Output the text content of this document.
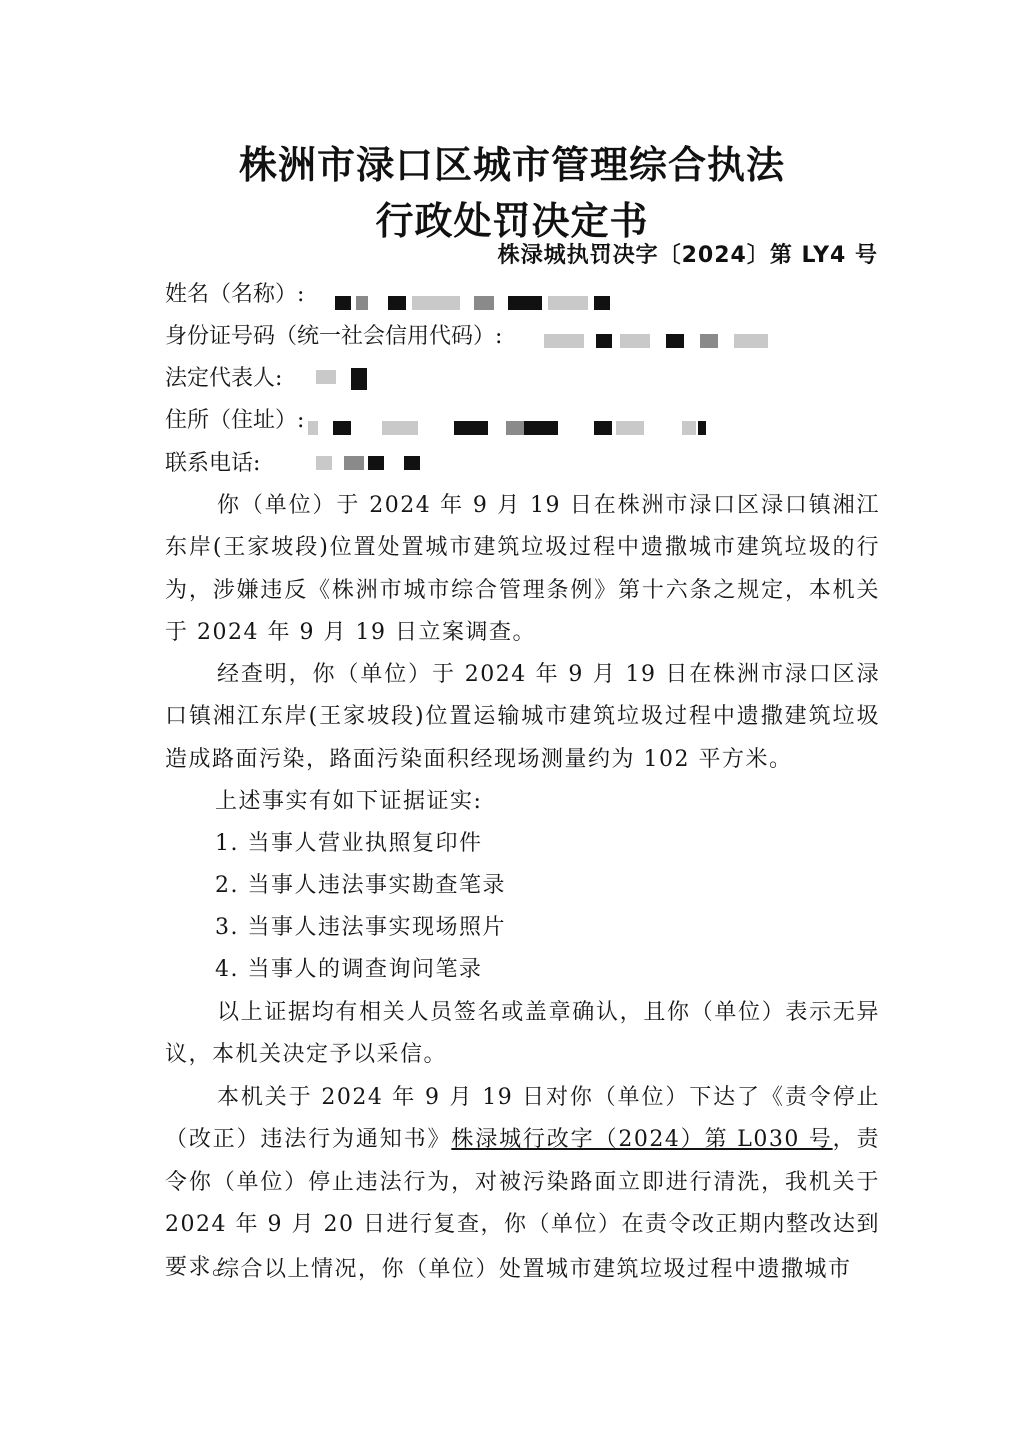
株洲市渌口区城市管理综合执法
行政处罚决定书
株渌城执罚决字〔2024〕第 LY4 号
姓名（名称）:
身份证号码（统一社会信用代码）:
法定代表人:
住所（住址）:
联系电话:
你（单位）于 2024 年 9 月 19 日在株洲市渌口区渌口镇湘江东岸(王家坡段)位置处置城市建筑垃圾过程中遗撒城市建筑垃圾的行为，涉嫌违反《株洲市城市综合管理条例》第十六条之规定，本机关于 2024 年 9 月 19 日立案调查。
经查明，你（单位）于 2024 年 9 月 19 日在株洲市渌口区渌口镇湘江东岸(王家坡段)位置运输城市建筑垃圾过程中遗撒建筑垃圾造成路面污染，路面污染面积经现场测量约为 102 平方米。
上述事实有如下证据证实:
1. 当事人营业执照复印件
2. 当事人违法事实勘查笔录
3. 当事人违法事实现场照片
4. 当事人的调查询问笔录
以上证据均有相关人员签名或盖章确认，且你（单位）表示无异议，本机关决定予以采信。
本机关于 2024 年 9 月 19 日对你（单位）下达了《责令停止（改正）违法行为通知书》株渌城行改字（2024）第 L030 号，责令你（单位）停止违法行为，对被污染路面立即进行清洗，我机关于 2024 年 9 月 20 日进行复查，你（单位）在责令改正期内整改达到要求。
综合以上情况，你（单位）处置城市建筑垃圾过程中遗撒城市
